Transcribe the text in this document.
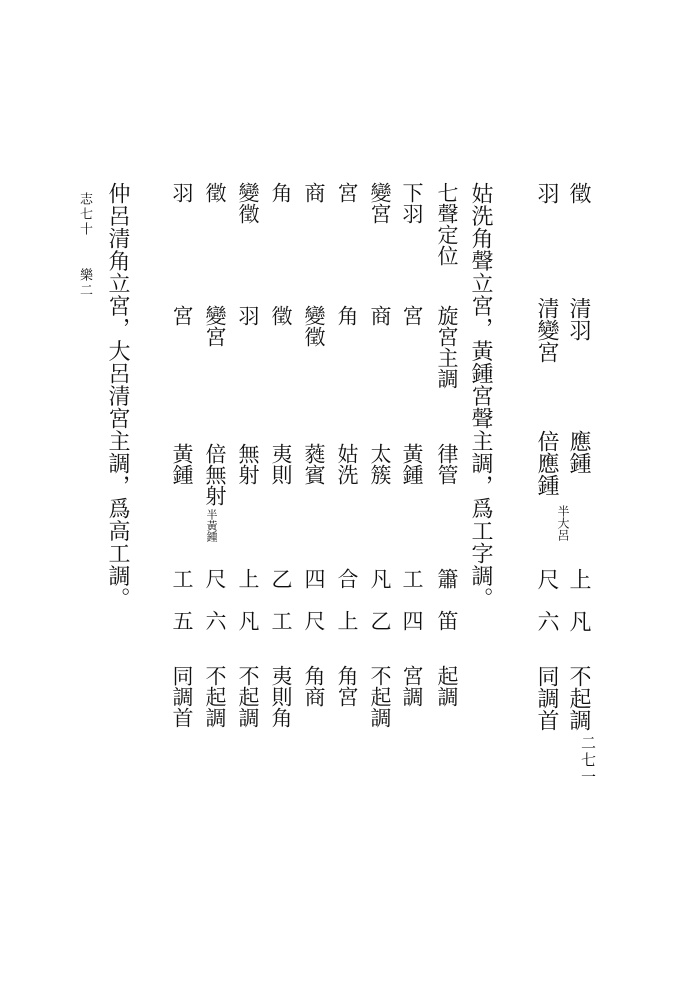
二七一
徵
清羽
應鍾
上
凡
不起調
羽
清變宮
倍應鍾
半大呂
尺
六
同調首
姑洗角聲立宮，黃鍾宮聲主調，爲工字調。
七聲定位
旋宮主調
律管
簫
笛
起調
下羽
宮
黃鍾
工
四
宮調
變宮
商
太簇
凡
乙
不起調
宮
角
姑洗
合
上
角宮
商
變徵
蕤賓
四
尺
角商
角
徵
夷則
乙
工
夷則角
變徵
羽
無射
上
凡
不起調
徵
變宮
倍無射
半黃鍾
尺
六
不起調
羽
宮
黃鍾
工
五
同調首
仲呂清角立宮，大呂清宮主調，爲高工調。
志七十
樂二
